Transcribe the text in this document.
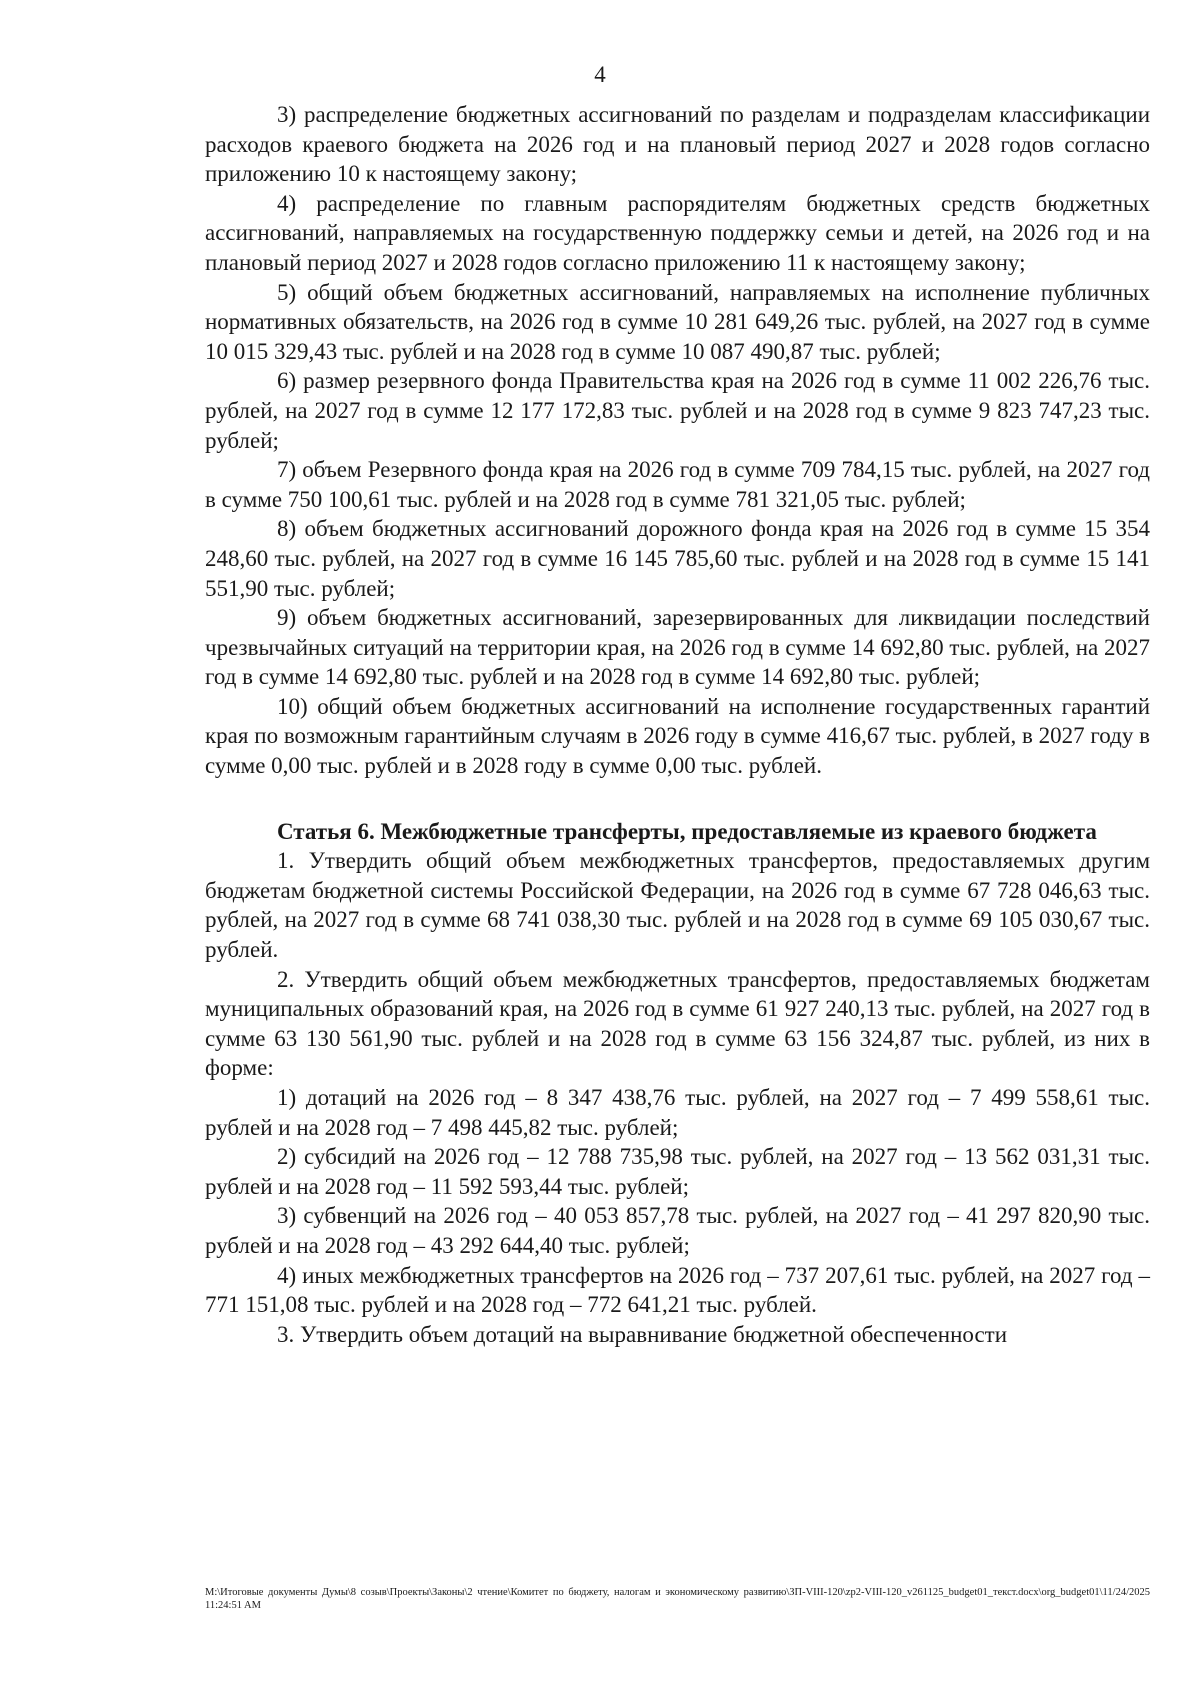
4

3) распределение бюджетных ассигнований по разделам и подразделам классификации расходов краевого бюджета на 2026 год и на плановый период 2027 и 2028 годов согласно приложению 10 к настоящему закону;

4) распределение по главным распорядителям бюджетных средств бюджетных ассигнований, направляемых на государственную поддержку семьи и детей, на 2026 год и на плановый период 2027 и 2028 годов согласно приложению 11 к настоящему закону;

5) общий объем бюджетных ассигнований, направляемых на исполнение публичных нормативных обязательств, на 2026 год в сумме 10 281 649,26 тыс. рублей, на 2027 год в сумме 10 015 329,43 тыс. рублей и на 2028 год в сумме 10 087 490,87 тыс. рублей;

6) размер резервного фонда Правительства края на 2026 год в сумме 11 002 226,76 тыс. рублей, на 2027 год в сумме 12 177 172,83 тыс. рублей и на 2028 год в сумме 9 823 747,23 тыс. рублей;

7) объем Резервного фонда края на 2026 год в сумме 709 784,15 тыс. рублей, на 2027 год в сумме 750 100,61 тыс. рублей и на 2028 год в сумме 781 321,05 тыс. рублей;

8) объем бюджетных ассигнований дорожного фонда края на 2026 год в сумме 15 354 248,60 тыс. рублей, на 2027 год в сумме 16 145 785,60 тыс. рублей и на 2028 год в сумме 15 141 551,90 тыс. рублей;

9) объем бюджетных ассигнований, зарезервированных для ликвидации последствий чрезвычайных ситуаций на территории края, на 2026 год в сумме 14 692,80 тыс. рублей, на 2027 год в сумме 14 692,80 тыс. рублей и на 2028 год в сумме 14 692,80 тыс. рублей;

10) общий объем бюджетных ассигнований на исполнение государственных гарантий края по возможным гарантийным случаям в 2026 году в сумме 416,67 тыс. рублей, в 2027 году в сумме 0,00 тыс. рублей и в 2028 году в сумме 0,00 тыс. рублей.

Статья 6. Межбюджетные трансферты, предоставляемые из краевого бюджета

1. Утвердить общий объем межбюджетных трансфертов, предоставляемых другим бюджетам бюджетной системы Российской Федерации, на 2026 год в сумме 67 728 046,63 тыс. рублей, на 2027 год в сумме 68 741 038,30 тыс. рублей и на 2028 год в сумме 69 105 030,67 тыс. рублей.

2. Утвердить общий объем межбюджетных трансфертов, предоставляемых бюджетам муниципальных образований края, на 2026 год в сумме 61 927 240,13 тыс. рублей, на 2027 год в сумме 63 130 561,90 тыс. рублей и на 2028 год в сумме 63 156 324,87 тыс. рублей, из них в форме:

1) дотаций на 2026 год – 8 347 438,76 тыс. рублей, на 2027 год – 7 499 558,61 тыс. рублей и на 2028 год – 7 498 445,82 тыс. рублей;

2) субсидий на 2026 год – 12 788 735,98 тыс. рублей, на 2027 год – 13 562 031,31 тыс. рублей и на 2028 год – 11 592 593,44 тыс. рублей;

3) субвенций на 2026 год – 40 053 857,78 тыс. рублей, на 2027 год – 41 297 820,90 тыс. рублей и на 2028 год – 43 292 644,40 тыс. рублей;

4) иных межбюджетных трансфертов на 2026 год – 737 207,61 тыс. рублей, на 2027 год – 771 151,08 тыс. рублей и на 2028 год – 772 641,21 тыс. рублей.

3. Утвердить объем дотаций на выравнивание бюджетной обеспеченности

M:\Итоговые документы Думы\8 созыв\Проекты\Законы\2 чтение\Комитет по бюджету, налогам и экономическому развитию\ЗП-VIII-120\zp2-VIII-120_v261125_budget01_текст.docx\org_budget01\11/24/2025 11:24:51 AM
